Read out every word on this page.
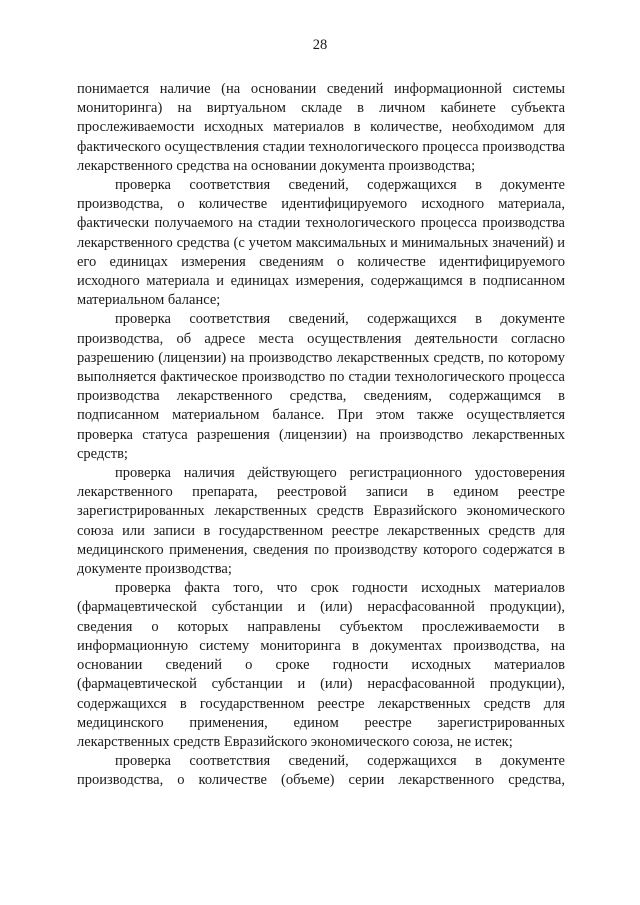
28

понимается наличие (на основании сведений информационной системы мониторинга) на виртуальном складе в личном кабинете субъекта прослеживаемости исходных материалов в количестве, необходимом для фактического осуществления стадии технологического процесса производства лекарственного средства на основании документа производства;

проверка соответствия сведений, содержащихся в документе производства, о количестве идентифицируемого исходного материала, фактически получаемого на стадии технологического процесса производства лекарственного средства (с учетом максимальных и минимальных значений) и его единицах измерения сведениям о количестве идентифицируемого исходного материала и единицах измерения, содержащимся в подписанном материальном балансе;

проверка соответствия сведений, содержащихся в документе производства, об адресе места осуществления деятельности согласно разрешению (лицензии) на производство лекарственных средств, по которому выполняется фактическое производство по стадии технологического процесса производства лекарственного средства, сведениям, содержащимся в подписанном материальном балансе. При этом также осуществляется проверка статуса разрешения (лицензии) на производство лекарственных средств;

проверка наличия действующего регистрационного удостоверения лекарственного препарата, реестровой записи в едином реестре зарегистрированных лекарственных средств Евразийского экономического союза или записи в государственном реестре лекарственных средств для медицинского применения, сведения по производству которого содержатся в документе производства;

проверка факта того, что срок годности исходных материалов (фармацевтической субстанции и (или) нерасфасованной продукции), сведения о которых направлены субъектом прослеживаемости в информационную систему мониторинга в документах производства, на основании сведений о сроке годности исходных материалов (фармацевтической субстанции и (или) нерасфасованной продукции), содержащихся в государственном реестре лекарственных средств для медицинского применения, едином реестре зарегистрированных лекарственных средств Евразийского экономического союза, не истек;

проверка соответствия сведений, содержащихся в документе производства, о количестве (объеме) серии лекарственного средства,
